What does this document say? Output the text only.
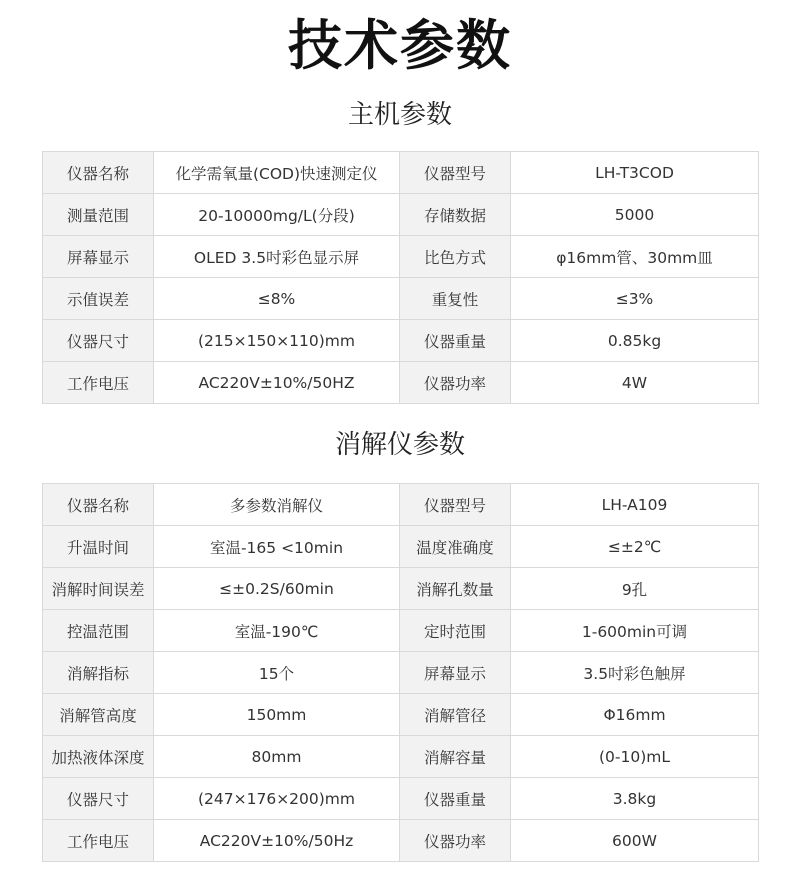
技术参数
主机参数
仪器名称	化学需氧量(COD)快速测定仪	仪器型号	LH-T3COD
测量范围	20-10000mg/L(分段)	存储数据	5000
屏幕显示	OLED 3.5吋彩色显示屏	比色方式	φ16mm管、30mm皿
示值误差	≤8%	重复性	≤3%
仪器尺寸	(215×150×110)mm	仪器重量	0.85kg
工作电压	AC220V±10%/50HZ	仪器功率	4W
消解仪参数
仪器名称	多参数消解仪	仪器型号	LH-A109
升温时间	室温-165 <10min	温度准确度	≤±2℃
消解时间误差	≤±0.2S/60min	消解孔数量	9孔
控温范围	室温-190℃	定时范围	1-600min可调
消解指标	15个	屏幕显示	3.5吋彩色触屏
消解管高度	150mm	消解管径	Φ16mm
加热液体深度	80mm	消解容量	(0-10)mL
仪器尺寸	(247×176×200)mm	仪器重量	3.8kg
工作电压	AC220V±10%/50Hz	仪器功率	600W
